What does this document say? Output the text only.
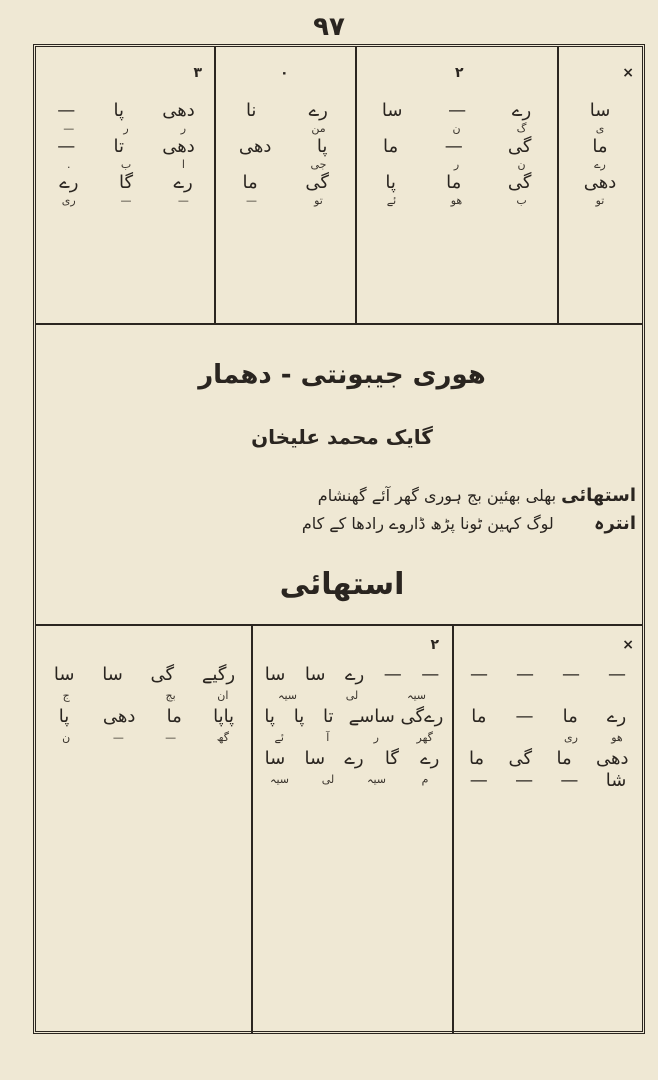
۹۷
×
سا
ی
ما
رے
دھی
تو
۲
رے
—
سا
گ
ن
گی
—
ما
ن
ر
گی
ما
پا
ب
ھو
ئے
۰
رے
نا
من
پا
دھی
جی
گی
ما
تو
—
۳
دھی
پا
—
ر
ر
—
دھی
تا
—
ا
ب
.
رے
گا
رے
—
—
ری
ھوری جیبونتی - دھمار
گایک محمد علیخان
استھائی بھلی بھئین بج ہوری گھر آئے گھنشام
انترہ  لوگ کہین ٹونا پڑھ ڈاروے رادھا کے کام
استھائی
×
—
—
—
—
رے
ما
—
ما
ھو
ری
دھی
ما
گی
ما
شا
—
—
—
۲
—
—
رے
سا
سا
سیہ
لی
سیہ
رےگی ساسے
تا
پا
پا
گھر
ر
آ
ئے
رے
گا
رے
سا
سا
م
سیہ
لی
سیہ
رگیے
گی
سا
سا
ان
بج
ج
پاپا
ما
دھی
پا
گھ
—
—
ن
